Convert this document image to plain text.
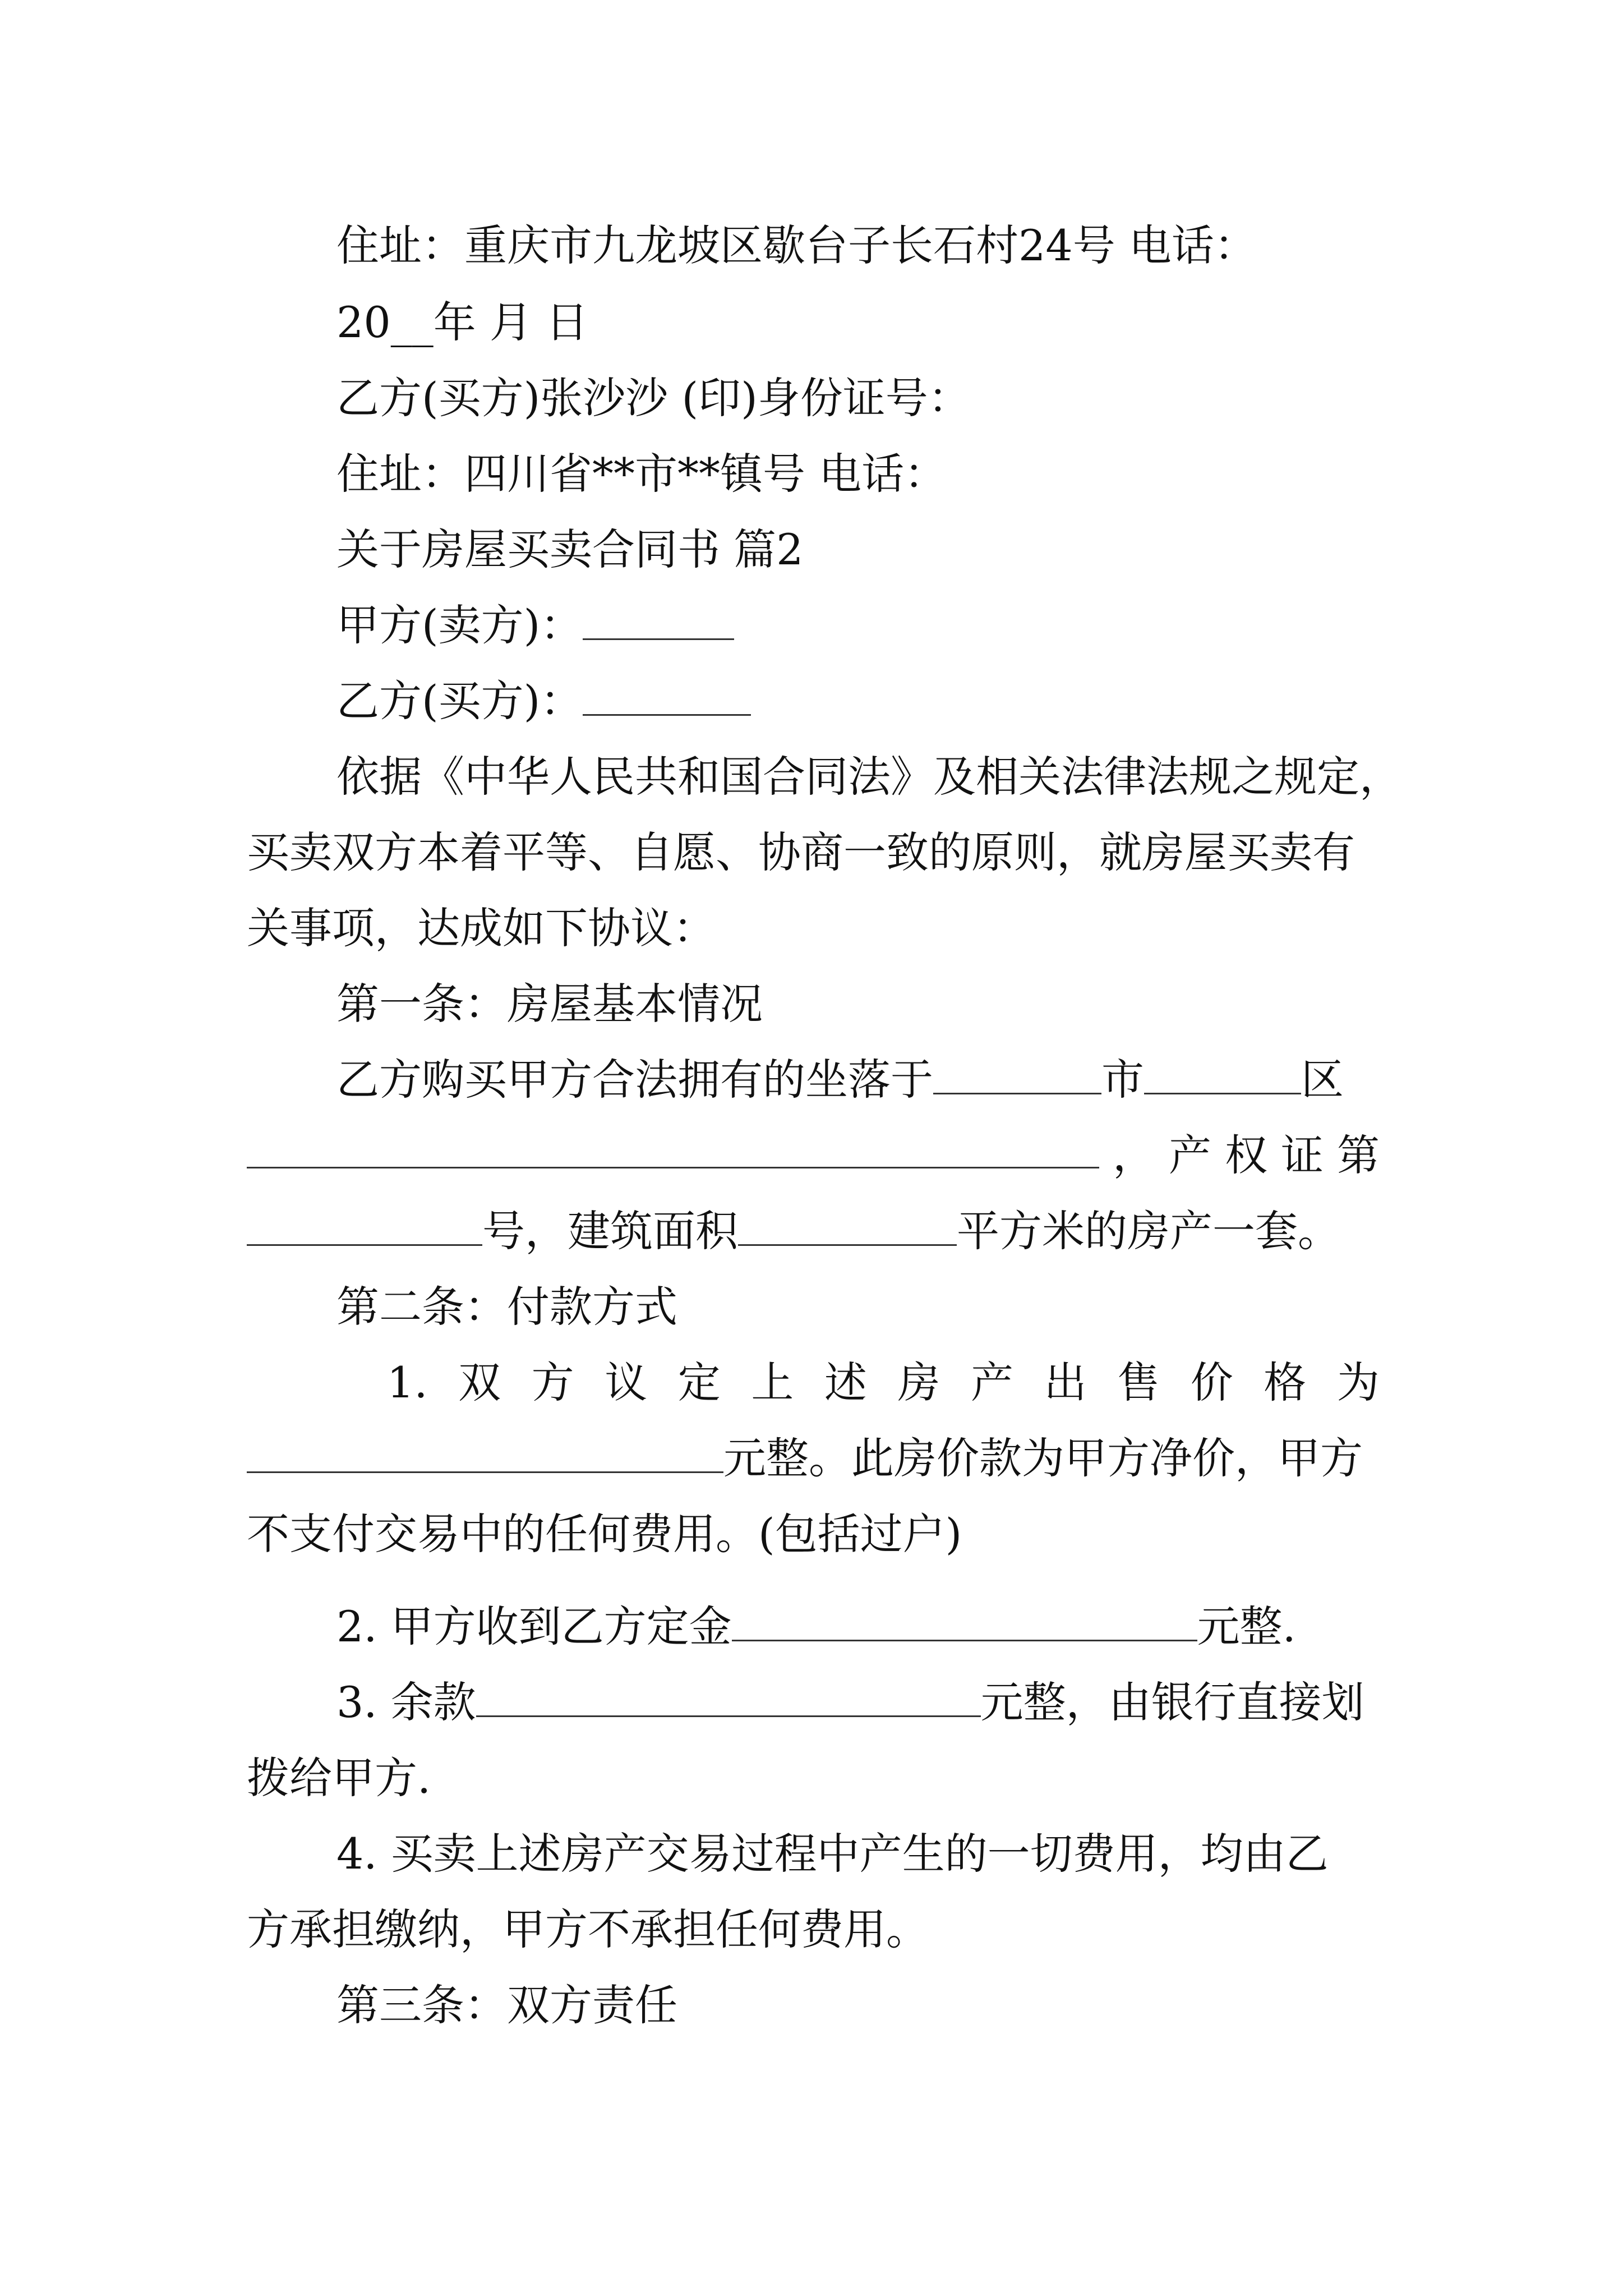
住址：重庆市九龙坡区歇台子长石村24号 电话：
20__年 月 日
乙方(买方)张沙沙 (印)身份证号：
住址：四川省**市**镇号 电话：
关于房屋买卖合同书 篇2
甲方(卖方)：
乙方(买方)：
依据《中华人民共和国合同法》及相关法律法规之规定，
买卖双方本着平等、自愿、协商一致的原则，就房屋买卖有
关事项，达成如下协议：
第一条：房屋基本情况
乙方购买甲方合法拥有的坐落于	市	区
， 产 权 证 第
号，建筑面积	平方米的房产一套。
第二条：付款方式
1. 双 方 议 定 上 述 房 产 出 售 价 格 为
元整。此房价款为甲方净价，甲方
不支付交易中的任何费用。(包括过户)
2. 甲方收到乙方定金	元整.
3. 余款	元整，由银行直接划
拨给甲方.
4. 买卖上述房产交易过程中产生的一切费用，均由乙
方承担缴纳，甲方不承担任何费用。
第三条：双方责任
